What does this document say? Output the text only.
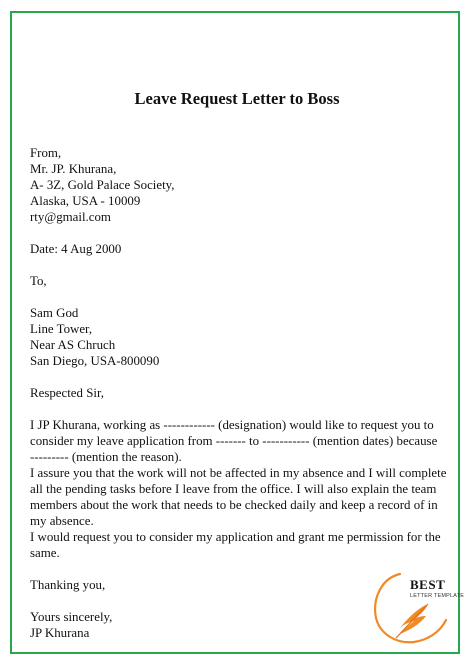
Leave Request Letter to Boss
From,
Mr. JP. Khurana,
A- 3Z, Gold Palace Society,
Alaska, USA - 10009
rty@gmail.com
Date: 4 Aug 2000
To,
Sam God
Line Tower,
Near AS Chruch
San Diego, USA-800090
Respected Sir,
I JP Khurana, working as ------------ (designation) would like to request you to
consider my leave application from ------- to ----------- (mention dates) because
--------- (mention the reason).
I assure you that the work will not be affected in my absence and I will complete
all the pending tasks before I leave from the office. I will also explain the team
members about the work that needs to be checked daily and keep a record of in
my absence.
I would request you to consider my application and grant me permission for the
same.
Thanking you,
Yours sincerely,
JP Khurana
BEST
LETTER TEMPLATE
